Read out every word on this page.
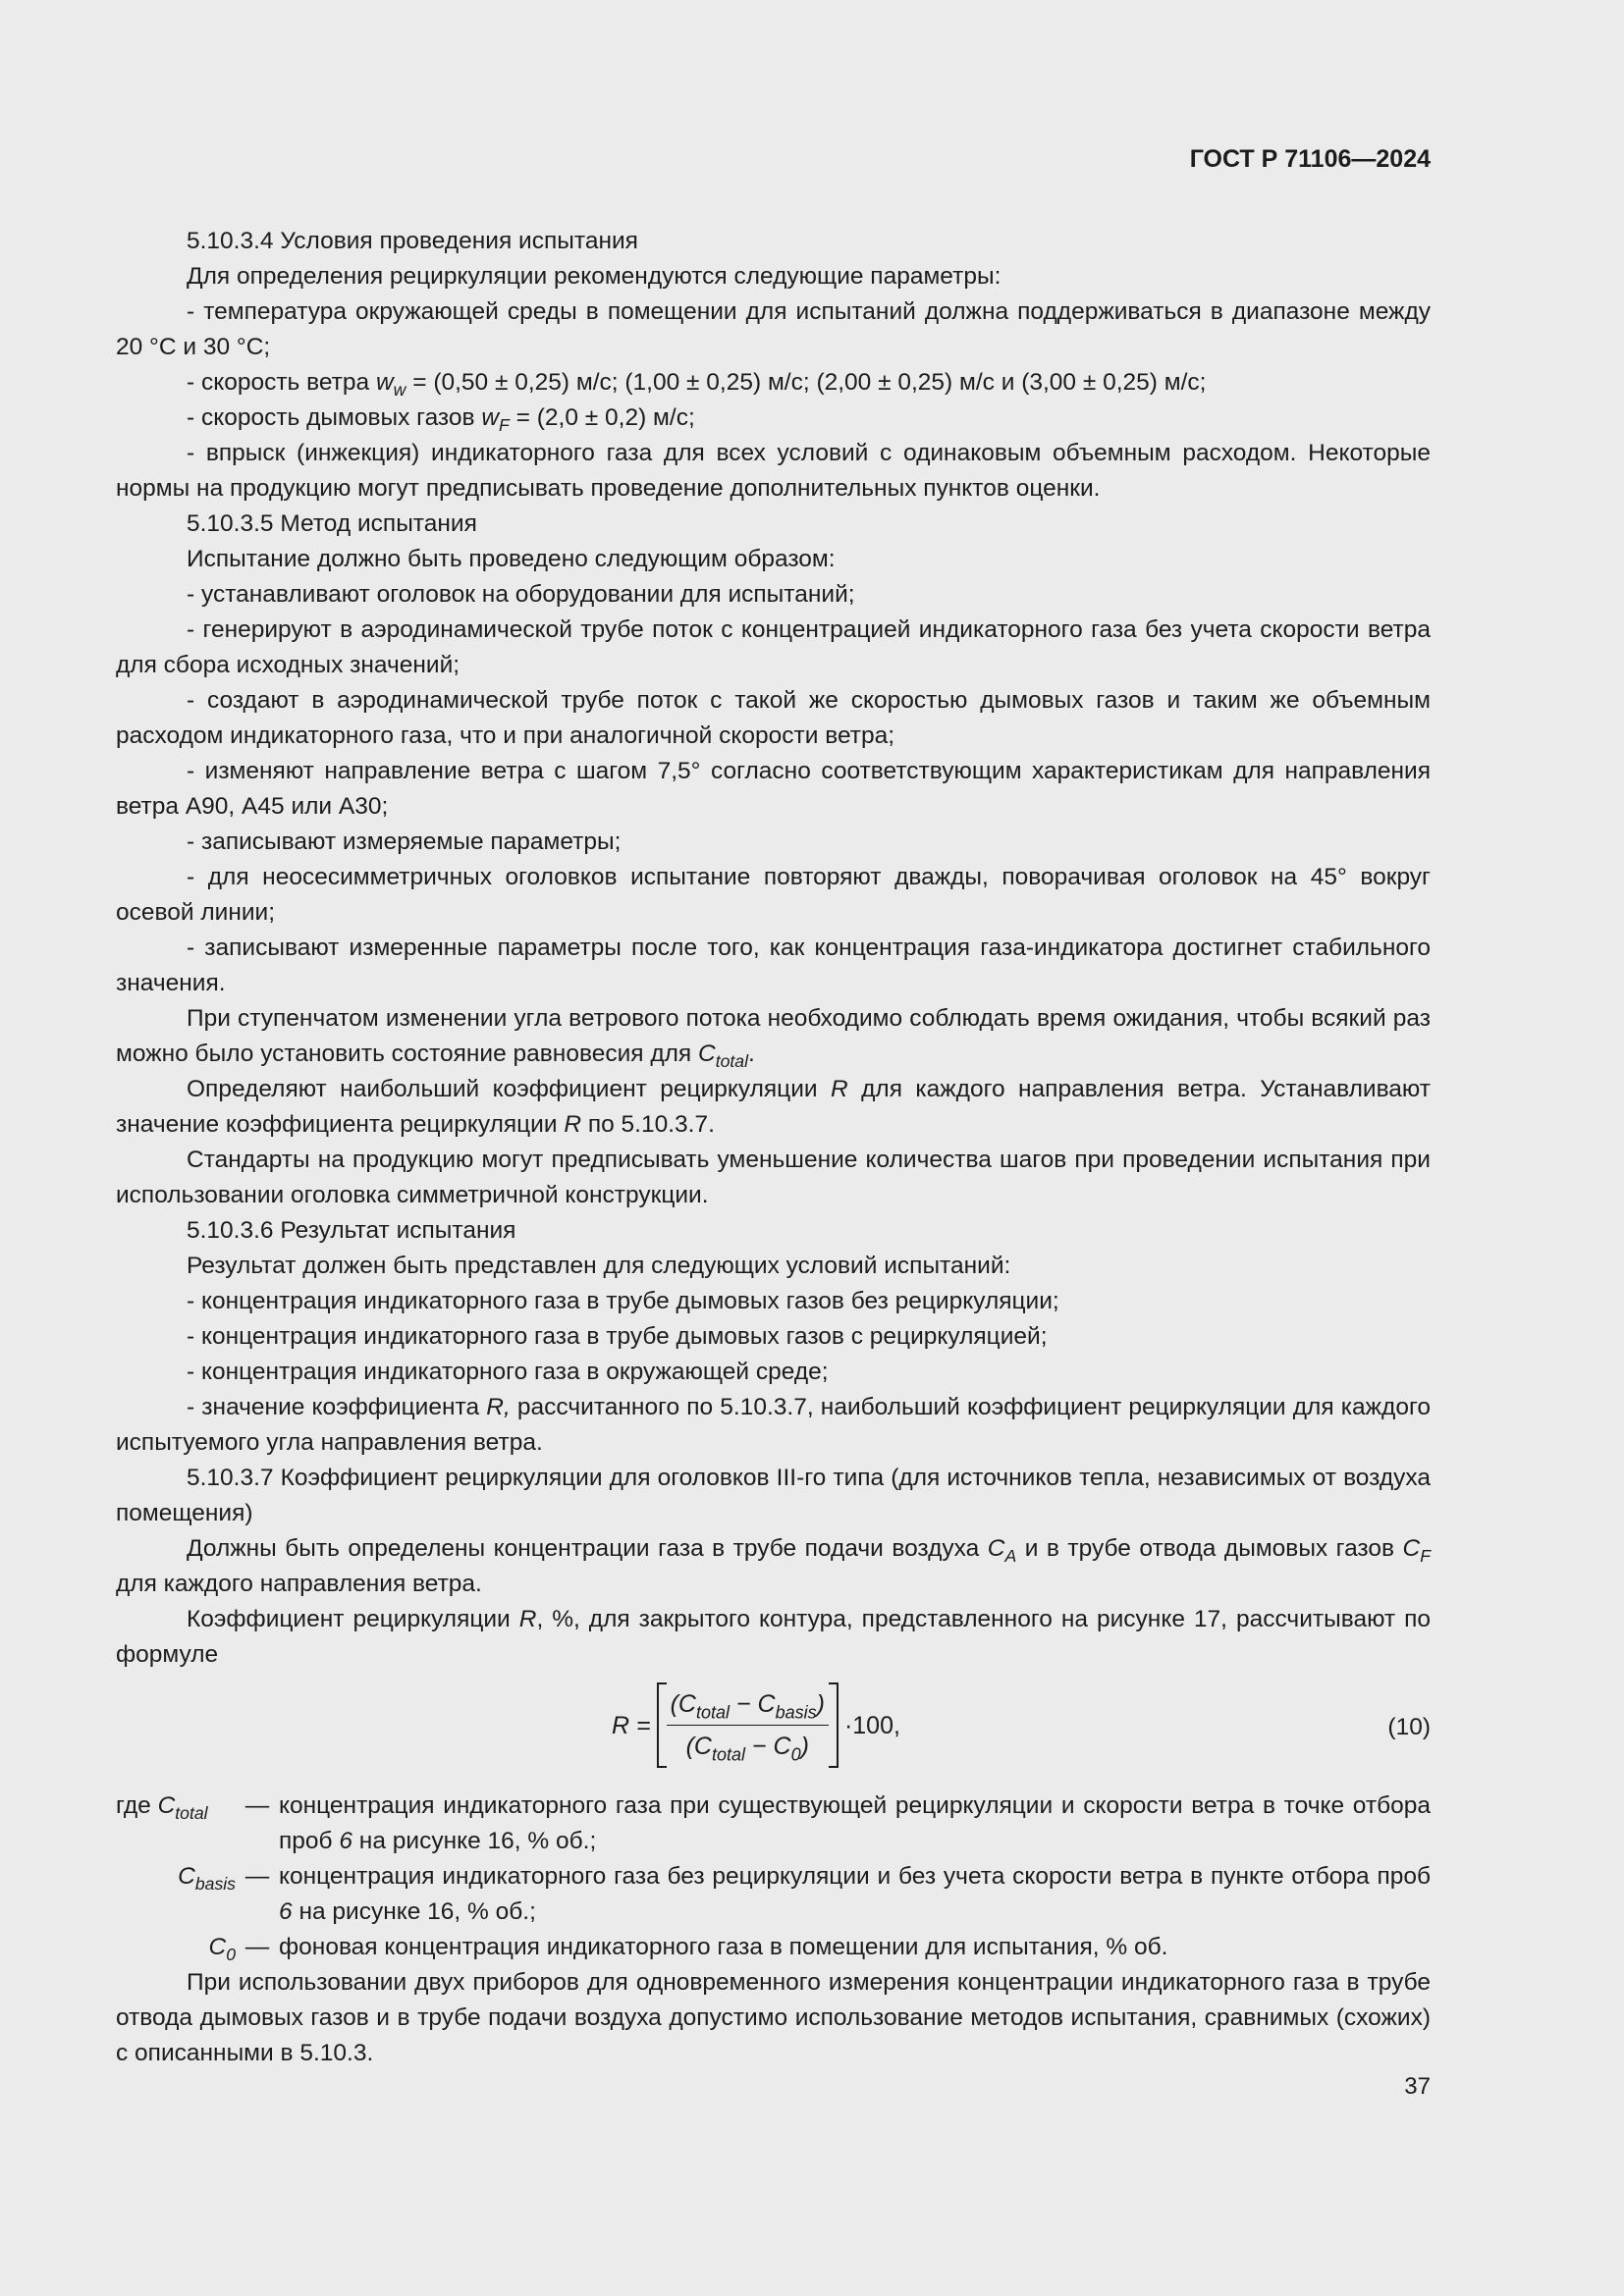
ГОСТ Р 71106—2024

5.10.3.4 Условия проведения испытания

Для определения рециркуляции рекомендуются следующие параметры:

- температура окружающей среды в помещении для испытаний должна поддерживаться в диапазоне между 20 °С и 30 °С;

- скорость ветра $w_w = (0,50 \pm 0,25)$ м/с; (1,00 ± 0,25) м/с; (2,00 ± 0,25) м/с и (3,00 ± 0,25) м/с;

- скорость дымовых газов $w_F = (2,0 \pm 0,2)$ м/с;

- впрыск (инжекция) индикаторного газа для всех условий с одинаковым объемным расходом. Некоторые нормы на продукцию могут предписывать проведение дополнительных пунктов оценки.

5.10.3.5 Метод испытания

Испытание должно быть проведено следующим образом:

- устанавливают оголовок на оборудовании для испытаний;

- генерируют в аэродинамической трубе поток с концентрацией индикаторного газа без учета скорости ветра для сбора исходных значений;

- создают в аэродинамической трубе поток с такой же скоростью дымовых газов и таким же объемным расходом индикаторного газа, что и при аналогичной скорости ветра;

- изменяют направление ветра с шагом 7,5° согласно соответствующим характеристикам для направления ветра А90, А45 или А30;

- записывают измеряемые параметры;

- для неосесимметричных оголовков испытание повторяют дважды, поворачивая оголовок на 45° вокруг осевой линии;

- записывают измеренные параметры после того, как концентрация газа-индикатора достигнет стабильного значения.

При ступенчатом изменении угла ветрового потока необходимо соблюдать время ожидания, чтобы всякий раз можно было установить состояние равновесия для $C_{total}$.

Определяют наибольший коэффициент рециркуляции R для каждого направления ветра. Устанавливают значение коэффициента рециркуляции R по 5.10.3.7.

Стандарты на продукцию могут предписывать уменьшение количества шагов при проведении испытания при использовании оголовка симметричной конструкции.

5.10.3.6 Результат испытания

Результат должен быть представлен для следующих условий испытаний:

- концентрация индикаторного газа в трубе дымовых газов без рециркуляции;

- концентрация индикаторного газа в трубе дымовых газов с рециркуляцией;

- концентрация индикаторного газа в окружающей среде;

- значение коэффициента R, рассчитанного по 5.10.3.7, наибольший коэффициент рециркуляции для каждого испытуемого угла направления ветра.

5.10.3.7 Коэффициент рециркуляции для оголовков III-го типа (для источников тепла, независимых от воздуха помещения)

Должны быть определены концентрации газа в трубе подачи воздуха $C_A$ и в трубе отвода дымовых газов $C_F$ для каждого направления ветра.

Коэффициент рециркуляции R, %, для закрытого контура, представленного на рисунке 17, рассчитывают по формуле

$R = \frac{(C_{total} - C_{basis})}{(C_{total} - C_0)} \cdot 100$,	(10)
где $C_{total}$	— концентрация индикаторного газа при существующей рециркуляции и скорости ветра в точке отбора проб 6 на рисунке 16, % об.;
$C_{basis}$ — концентрация индикаторного газа без рециркуляции и без учета скорости ветра в пункте отбора проб 6 на рисунке 16, % об.;
$C_0$ — фоновая концентрация индикаторного газа в помещении для испытания, % об.

При использовании двух приборов для одновременного измерения концентрации индикаторного газа в трубе отвода дымовых газов и в трубе подачи воздуха допустимо использование методов испытания, сравнимых (схожих) с описанными в 5.10.3.

37
